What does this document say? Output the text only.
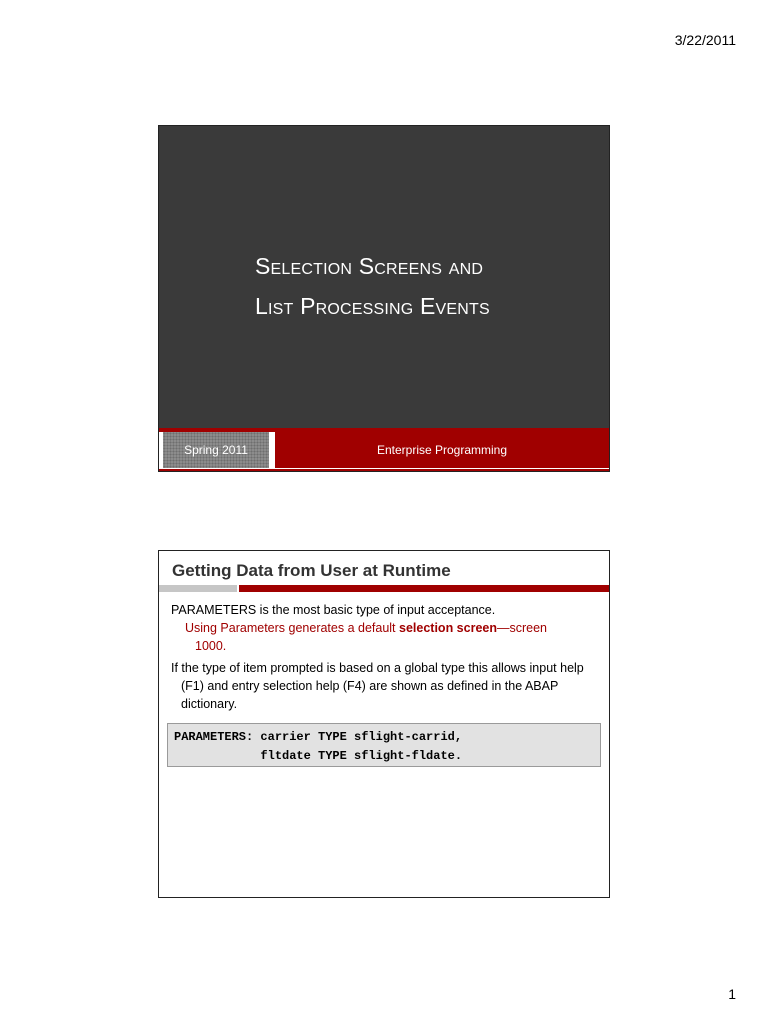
3/22/2011
Selection Screens and
List Processing Events
Spring 2011	Enterprise Programming
Getting Data from User at Runtime

PARAMETERS is the most basic type of input acceptance.

Using Parameters generates a default selection screen—screen
1000.

If the type of item prompted is based on a global type this allows input help (F1) and entry selection help (F4) are shown as defined in the ABAP dictionary.

PARAMETERS: carrier TYPE sflight-carrid,
fltdate TYPE sflight-fldate.
1
